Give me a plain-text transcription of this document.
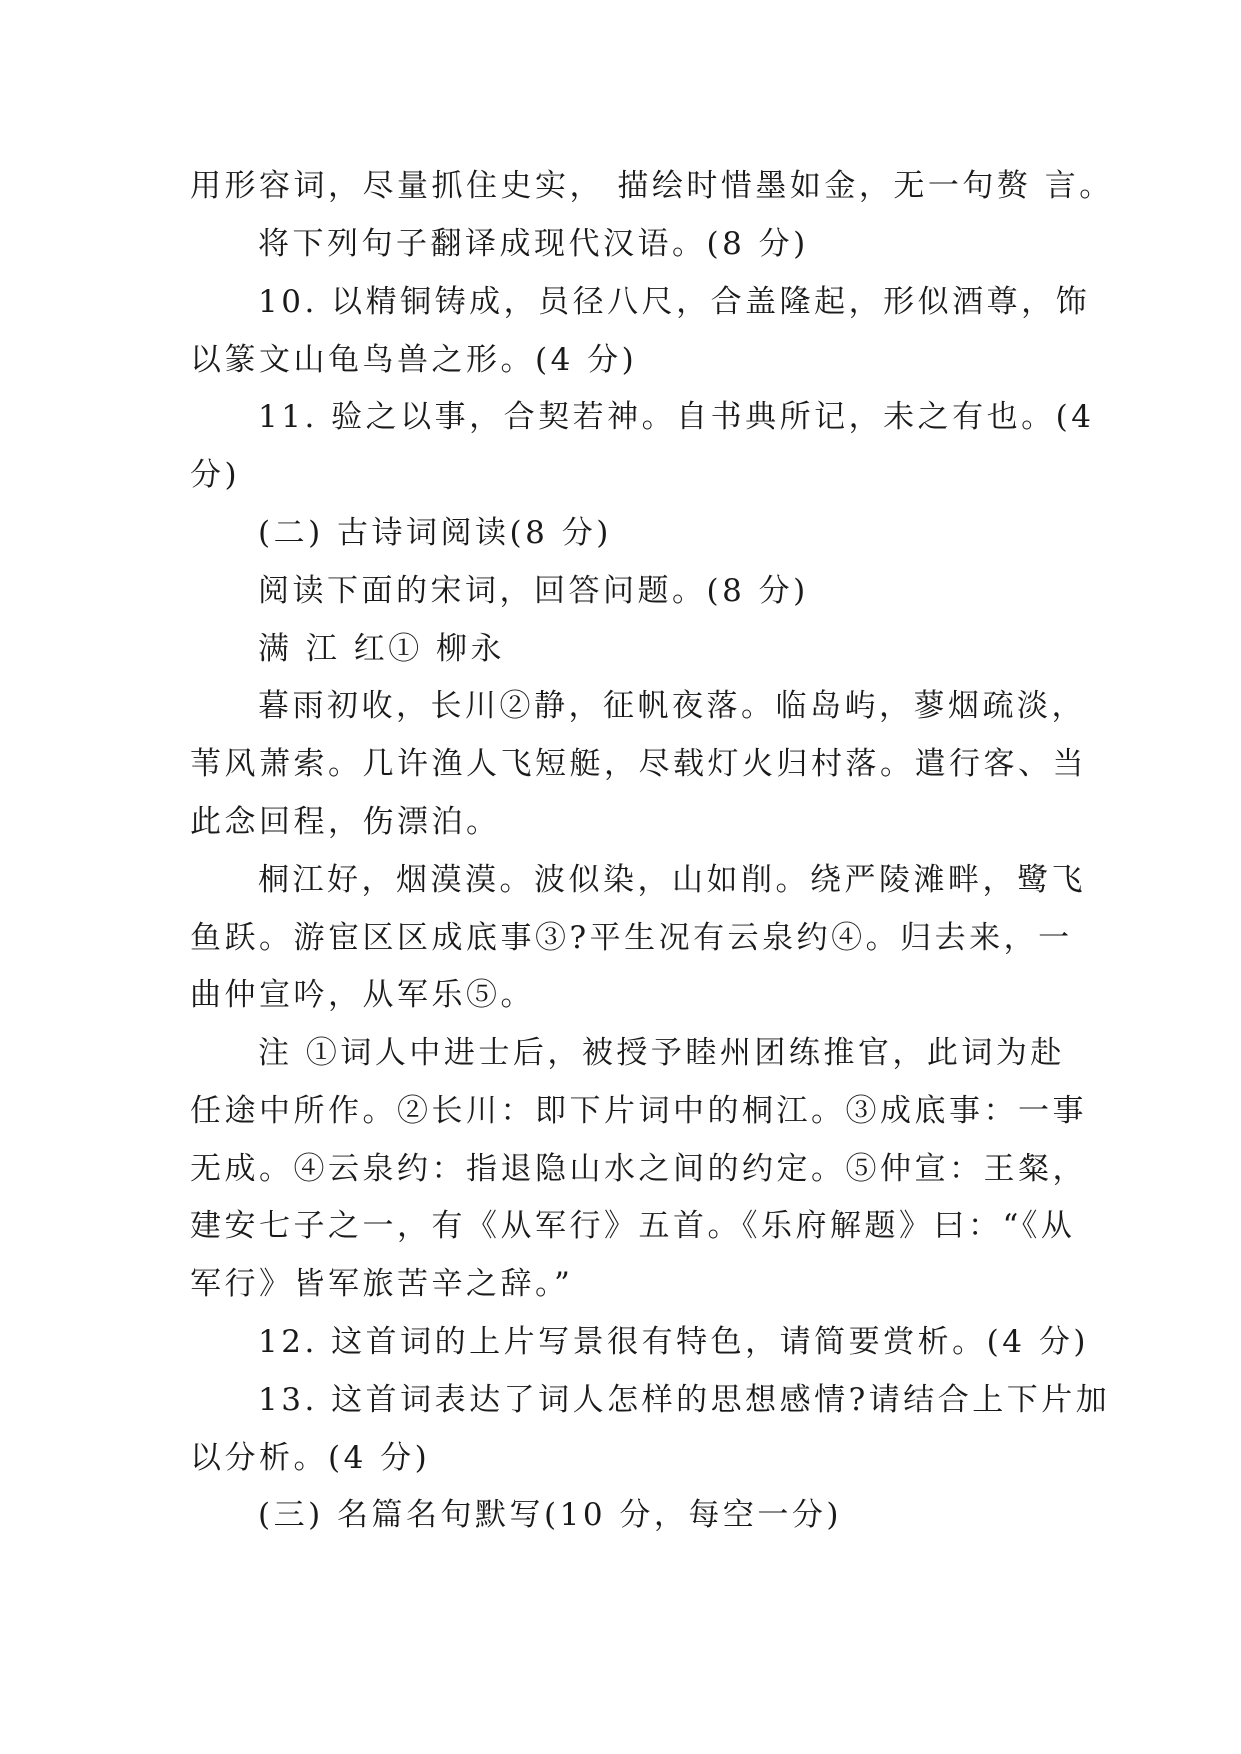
用形容词，尽量抓住史实， 描绘时惜墨如金，无一句赘 言。
将下列句子翻译成现代汉语。(8 分)
10. 以精铜铸成，员径八尺，合盖隆起，形似酒尊，饰
以篆文山龟鸟兽之形。(4 分)
11. 验之以事，合契若神。自书典所记，未之有也。(4
分)
(二) 古诗词阅读(8 分)
阅读下面的宋词，回答问题。(8 分)
满 江 红① 柳永
暮雨初收，长川②静，征帆夜落。临岛屿，蓼烟疏淡，
苇风萧索。几许渔人飞短艇，尽载灯火归村落。遣行客、当
此念回程，伤漂泊。
桐江好，烟漠漠。波似染，山如削。绕严陵滩畔，鹭飞
鱼跃。游宦区区成底事③?平生况有云泉约④。归去来，一
曲仲宣吟，从军乐⑤。
注 ①词人中进士后，被授予睦州团练推官，此词为赴
任途中所作。②长川：即下片词中的桐江。③成底事：一事
无成。④云泉约：指退隐山水之间的约定。⑤仲宣：王粲，
建安七子之一，有《从军行》五首。《乐府解题》曰：“《从
军行》皆军旅苦辛之辞。”
12. 这首词的上片写景很有特色，请简要赏析。(4 分)
13. 这首词表达了词人怎样的思想感情?请结合上下片加
以分析。(4 分)
(三) 名篇名句默写(10 分，每空一分)
